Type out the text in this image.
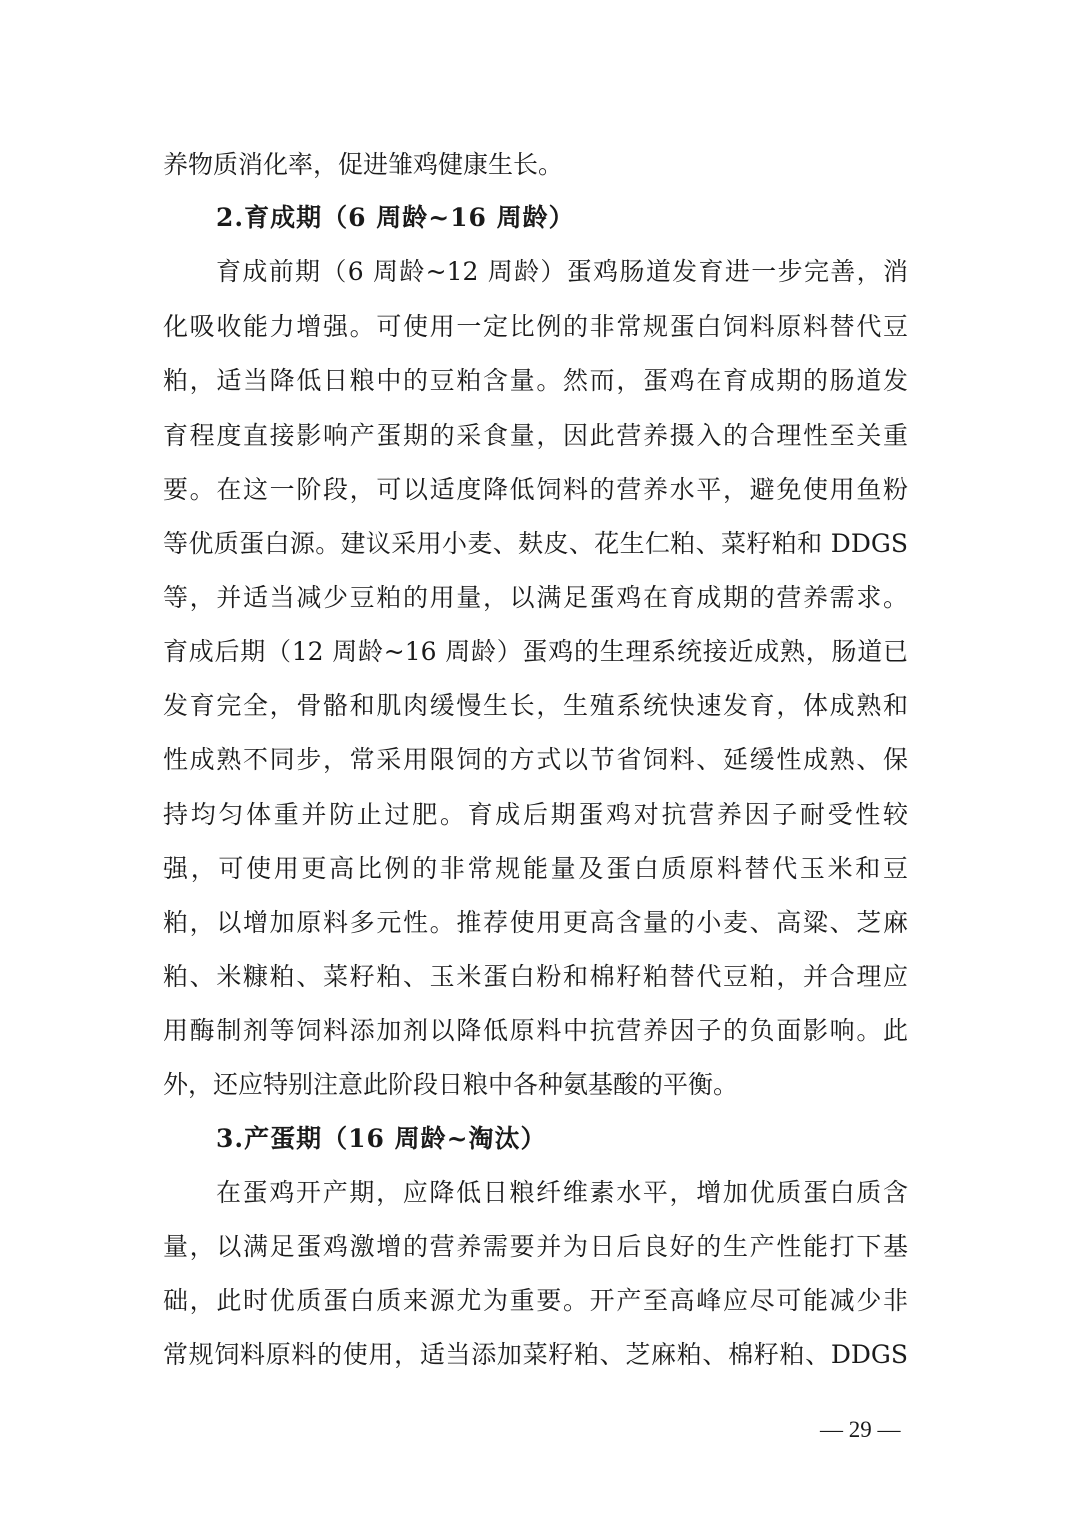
养物质消化率，促进雏鸡健康生长。
2.育成期（6 周龄~16 周龄）
育成前期（6 周龄~12 周龄）蛋鸡肠道发育进一步完善，消
化吸收能力增强。可使用一定比例的非常规蛋白饲料原料替代豆
粕，适当降低日粮中的豆粕含量。然而，蛋鸡在育成期的肠道发
育程度直接影响产蛋期的采食量，因此营养摄入的合理性至关重
要。在这一阶段，可以适度降低饲料的营养水平，避免使用鱼粉
等优质蛋白源。建议采用小麦、麸皮、花生仁粕、菜籽粕和 DDGS
等，并适当减少豆粕的用量，以满足蛋鸡在育成期的营养需求。
育成后期（12 周龄~16 周龄）蛋鸡的生理系统接近成熟，肠道已
发育完全，骨骼和肌肉缓慢生长，生殖系统快速发育，体成熟和
性成熟不同步，常采用限饲的方式以节省饲料、延缓性成熟、保
持均匀体重并防止过肥。育成后期蛋鸡对抗营养因子耐受性较
强，可使用更高比例的非常规能量及蛋白质原料替代玉米和豆
粕，以增加原料多元性。推荐使用更高含量的小麦、高粱、芝麻
粕、米糠粕、菜籽粕、玉米蛋白粉和棉籽粕替代豆粕，并合理应
用酶制剂等饲料添加剂以降低原料中抗营养因子的负面影响。此
外，还应特别注意此阶段日粮中各种氨基酸的平衡。
3.产蛋期（16 周龄~淘汰）
在蛋鸡开产期，应降低日粮纤维素水平，增加优质蛋白质含
量，以满足蛋鸡激增的营养需要并为日后良好的生产性能打下基
础，此时优质蛋白质来源尤为重要。开产至高峰应尽可能减少非
常规饲料原料的使用，适当添加菜籽粕、芝麻粕、棉籽粕、DDGS
— 29 —
